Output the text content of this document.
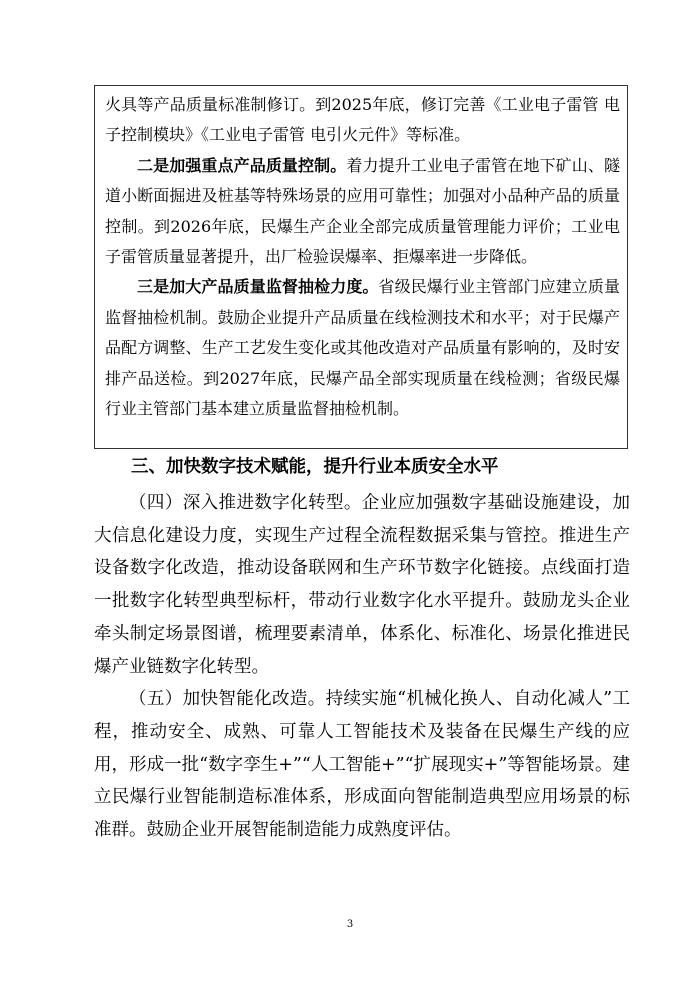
火具等产品质量标准制修订。到2025年底，修订完善《工业电子雷管 电子控制模块》《工业电子雷管 电引火元件》等标准。

二是加强重点产品质量控制。着力提升工业电子雷管在地下矿山、隧道小断面掘进及桩基等特殊场景的应用可靠性；加强对小品种产品的质量控制。到2026年底，民爆生产企业全部完成质量管理能力评价；工业电子雷管质量显著提升，出厂检验误爆率、拒爆率进一步降低。

三是加大产品质量监督抽检力度。省级民爆行业主管部门应建立质量监督抽检机制。鼓励企业提升产品质量在线检测技术和水平；对于民爆产品配方调整、生产工艺发生变化或其他改造对产品质量有影响的，及时安排产品送检。到2027年底，民爆产品全部实现质量在线检测；省级民爆行业主管部门基本建立质量监督抽检机制。

三、加快数字技术赋能，提升行业本质安全水平

（四）深入推进数字化转型。企业应加强数字基础设施建设，加大信息化建设力度，实现生产过程全流程数据采集与管控。推进生产设备数字化改造，推动设备联网和生产环节数字化链接。点线面打造一批数字化转型典型标杆，带动行业数字化水平提升。鼓励龙头企业牵头制定场景图谱，梳理要素清单，体系化、标准化、场景化推进民爆产业链数字化转型。

（五）加快智能化改造。持续实施“机械化换人、自动化减人”工程，推动安全、成熟、可靠人工智能技术及装备在民爆生产线的应用，形成一批“数字孪生+”“人工智能+”“扩展现实+”等智能场景。建立民爆行业智能制造标准体系，形成面向智能制造典型应用场景的标准群。鼓励企业开展智能制造能力成熟度评估。

3
